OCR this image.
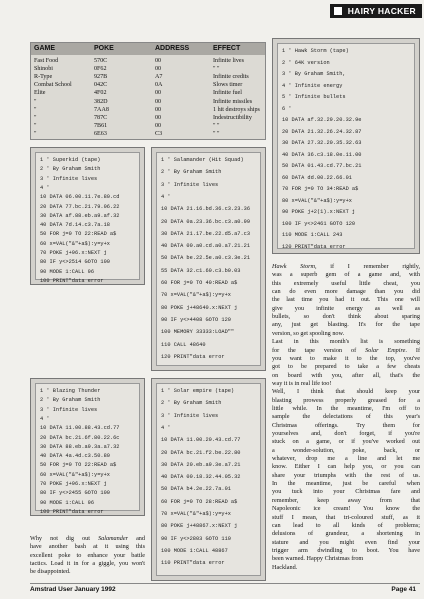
HAIRY HACKER
GAME	POKE	ADDRESS	EFFECT
Fast Food	570C	00	Infinite lives
Shinobi	0F62	00	" "
R-Type	927B	A7	Infinite credits
Combat School	042C	0A	Slows timer
Elite	4F02	00	Infinite fuel
"	382D	00	Infinite missiles
"	7AA8	00	1 hit destroys ships
"	787C	00	Indestructibility
"	7B61	00	" "
"	6E63	C3	" "
1 ' Superkid (tape)
2 ' By Graham Smith
3 ' Infinite lives
4 '
10 DATA 06.00.11.7e.80.cd
20 DATA 77.bc.21.79.06.22
30 DATA af.88.eb.a9.af.32
40 DATA 7d.14.c3.7a.18
50 FOR j=0 TO 22:READ a$
60 x=VAL("&"+a$):y=y+x
70 POKE j+96.x:NEXT j
80 IF y<>2514 GOTO 100
90 MODE 1:CALL 96
100 PRINT"data error
1 ' Salamander (Hit Squad)
2 ' By Graham Smith
3 ' Infinite lives
4 '
10 DATA 21.16.bd.36.c3.23.36
20 DATA 0a.23.36.bc.c3.a0.99
30 DATA 21.17.be.22.d5.a7.c3
40 DATA 00.a0.cd.a0.a7.21.21
50 DATA be.22.5e.a0.c3.3e.21
55 DATA 32.c1.60.c3.b0.03
60 FOR j=0 TO 40:READ a$
70 x=VAL("&"+a$):y=y+x
80 POKE j+48640.x:NEXT j
90 IF y<>4408 GOTO 120
100 MEMORY 33333:LOAD""
110 CALL 48640
120 PRINT"data error
1 ' Blazing Thunder
2 ' By Graham Smith
3 ' Infinite lives
4 '
10 DATA 11.00.88.43.cd.77
20 DATA bc.21.6f.80.22.6c
30 DATA 88.eb.a9.3a.a7.32
40 DATA 4a.4d.c3.50.80
50 FOR j=0 TO 22:READ a$
60 x=VAL("&"+a$):y=y+x
70 POKE j+96.x:NEXT j
80 IF y<>2455 GOTO 100
90 MODE 1:CALL 96
100 PRINT"data error
1 ' Solar empire (tape)
2 ' By Graham Smith
3 ' Infinite lives
4 '
10 DATA 11.00.20.43.cd.77
20 DATA bc.21.f2.be.22.80
30 DATA 20.eb.a9.3e.a7.21
40 DATA 00.18.32.44.05.32
50 DATA b4.2e.22.7a.01
60 FOR j=0 TO 28:READ a$
70 x=VAL("&"+a$):y=y+x
80 POKE j+48867.x:NEXT j
90 IF y<>2803 GOTO 110
100 MODE 1:CALL 48867
110 PRINT"data error
1 ' Hawk Storm (tape)
2 ' 64K version
3 ' By Graham Smith,
4 ' Infinite energy
5 ' Infinite bullets
6 '
10 DATA af.32.29.20.32.9e
20 DATA 21.32.26.24.32.87
30 DATA 27.32.20.35.32.63
40 DATA 36.c3.18.0e.11.00
50 DATA 01.43.cd.77.bc.21
60 DATA dd.00.22.66.01
70 FOR j=0 TO 34:READ a$
80 x=VAL("&"+a$):y=y+x
90 POKE j+2(1).x:NEXT j
100 IF y<>2461 GOTO 120
110 MODE 1:CALL 243
120 PRINT"data error
Why not dig out Salamander and
have another bash at it using this
excellent poke to enhance your battle
tactics. Load it in for a giggle, you won't
be disappointed.
Hawk Storm, if I remember rightly,
was a superb gem of a game and, with
this extremely useful little cheat, you
can do even more damage than you did
the last time you had it out. This one will
give you infinite energy as well as
bullets, so don't think about sparing
any, just get blasting. It's for the tape
version, so get spooling now.
Last in this month's list is something
for the tape version of Solar Empire. If
you want to make it to the top, you've
got to be prepared to take a few cheats
on board with you, after all, that's the
way it is in real life too!
Well, I think that should keep your
blasting prowess properly greased for a
little while. In the meantime, I'm off to
sample the delectations of this year's
Christmas offerings. Try them for
yourselves and, don't forget, if you're
stuck on a game, or if you've worked out
a wonder-solution, poke, back, or
whatever, drop me a line and let me
know. Either I can help you, or you can
share your triumphs with the rest of us.
In the meantime, just be careful when
you tuck into your Christmas fare and
remember, keep away from that
Napoleonic ice cream! You know the
stuff I mean, that tri-coloured stuff, as it
can lead to all kinds of problems;
delusions of grandeur, a shortening in
stature and you might even find your
trigger arm dwindling to boot. You have
been warned. Happy Christmas from
Hackland.
Amstrad User January 1992	Page 41
